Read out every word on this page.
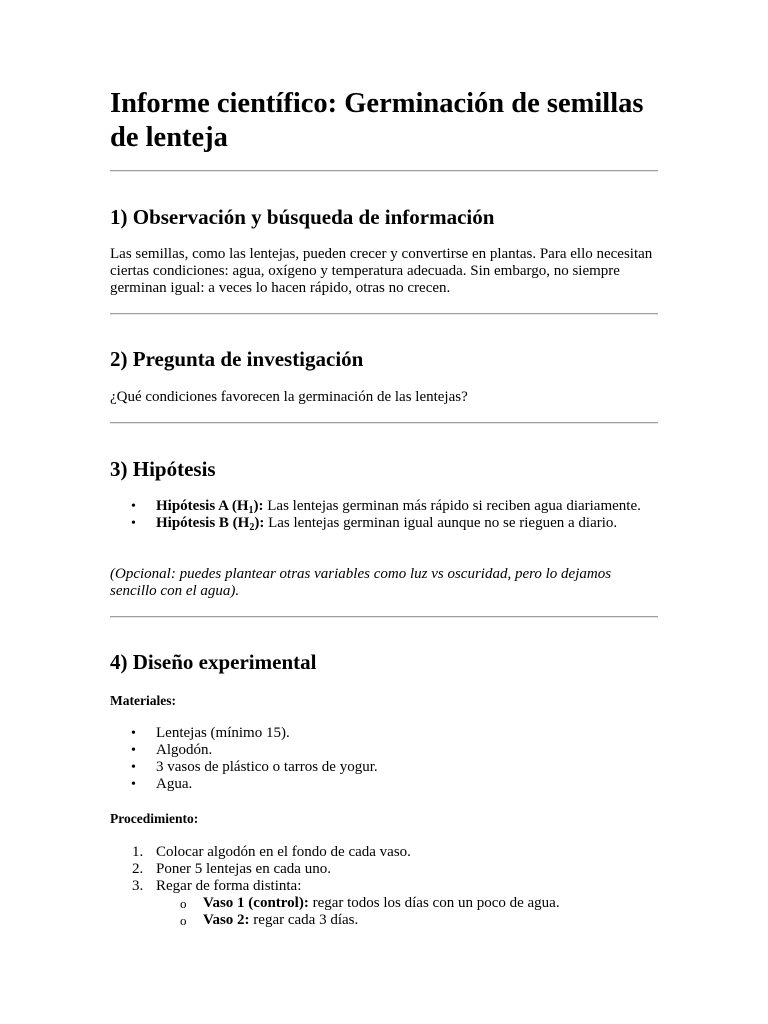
Informe científico: Germinación de semillas de lenteja
1) Observación y búsqueda de información

Las semillas, como las lentejas, pueden crecer y convertirse en plantas. Para ello necesitan ciertas condiciones: agua, oxígeno y temperatura adecuada. Sin embargo, no siempre germinan igual: a veces lo hacen rápido, otras no crecen.

2) Pregunta de investigación

¿Qué condiciones favorecen la germinación de las lentejas?

3) Hipótesis
• Hipótesis A $(H_1)$: Las lentejas germinan más rápido si reciben agua diariamente.
• Hipótesis B $(H_2)$: Las lentejas germinan igual aunque no se rieguen a diario.

(Opcional: puedes plantear otras variables como luz vs oscuridad, pero lo dejamos sencillo con el agua).

4) Diseño experimental

Materiales:

• Lentejas (mínimo 15).
• Algodón.
• 3 vasos de plástico o tarros de yogur.
• Agua.

Procedimiento:

1. Colocar algodón en el fondo de cada vaso.
2. Poner 5 lentejas en cada uno.
3. Regar de forma distinta:
o Vaso 1 (control): regar todos los días con un poco de agua.
o Vaso 2: regar cada 3 días.
